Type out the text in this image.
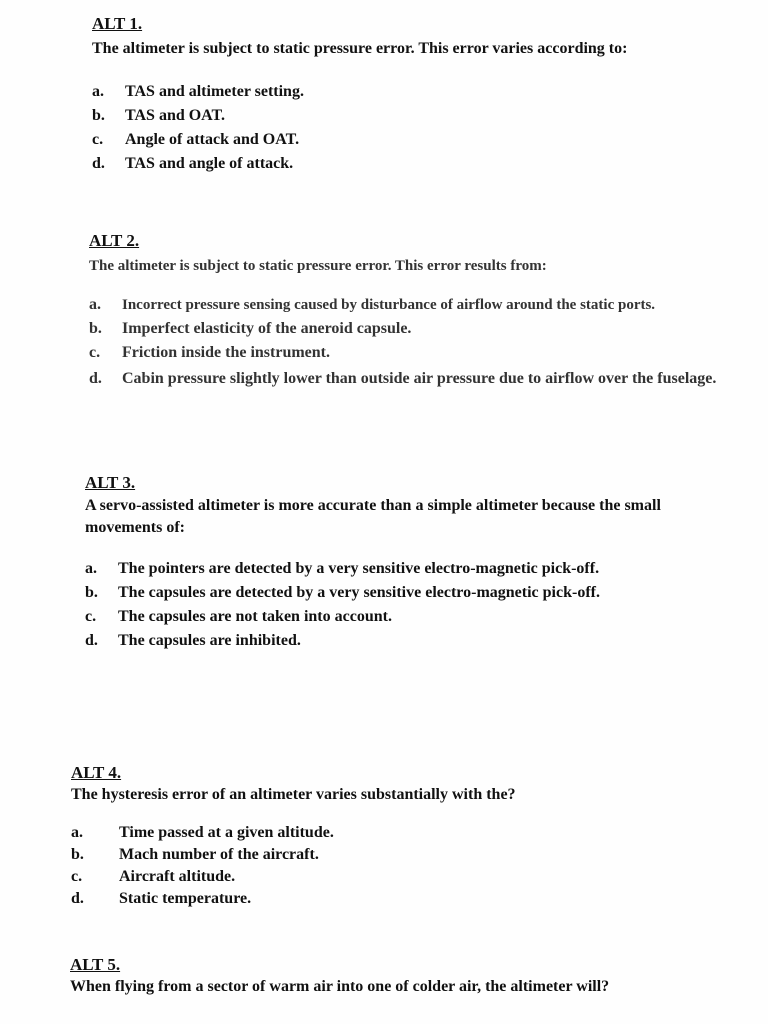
ALT 1.
The altimeter is subject to static pressure error. This error varies according to:
a.	TAS and altimeter setting.
b.	TAS and OAT.
c.	Angle of attack and OAT.
d.	TAS and angle of attack.
ALT 2.
The altimeter is subject to static pressure error. This error results from:
a.	Incorrect pressure sensing caused by disturbance of airflow around the static ports.
b.	Imperfect elasticity of the aneroid capsule.
c.	Friction inside the instrument.
d.	Cabin pressure slightly lower than outside air pressure due to airflow over the fuselage.
ALT 3.
A servo-assisted altimeter is more accurate than a simple altimeter because the small movements of:
a.	The pointers are detected by a very sensitive electro-magnetic pick-off.
b.	The capsules are detected by a very sensitive electro-magnetic pick-off.
c.	The capsules are not taken into account.
d.	The capsules are inhibited.
ALT 4.
The hysteresis error of an altimeter varies substantially with the?
a.	Time passed at a given altitude.
b.	Mach number of the aircraft.
c.	Aircraft altitude.
d.	Static temperature.
ALT 5.
When flying from a sector of warm air into one of colder air, the altimeter will?
